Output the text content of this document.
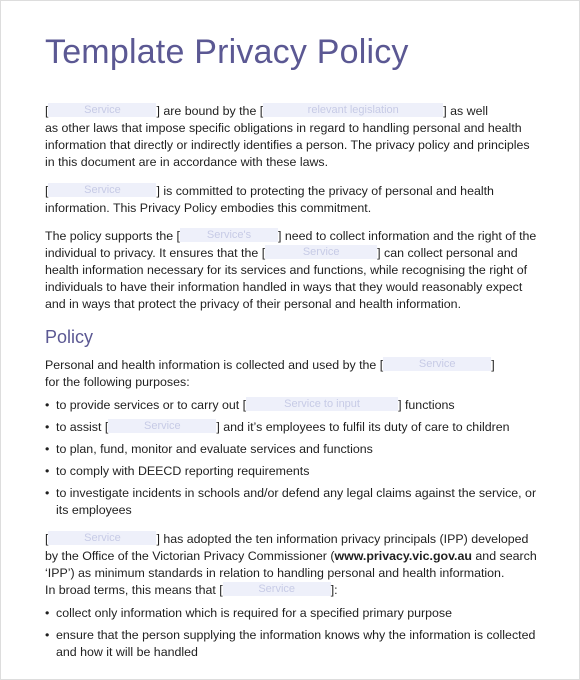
Template Privacy Policy

[	Service	] are bound by the [	relevant legislation	] as well
as other laws that impose specific obligations in regard to handling personal and health information that directly or indirectly identifies a person. The privacy policy and principles in this document are in accordance with these laws.

[	Service	] is committed to protecting the privacy of personal and health information. This Privacy Policy embodies this commitment.

The policy supports the [ Service's ] need to collect information and the right of the individual to privacy. It ensures that the [	Service	] can collect personal and health information necessary for its services and functions, while recognising the right of individuals to have their information handled in ways that they would reasonably expect and in ways that protect the privacy of their personal and health information.

Policy

Personal and health information is collected and used by the [	Service	]
for the following purposes:

• to provide services or to carry out [	Service to input	] functions
• to assist [	Service	] and it’s employees to fulfil its duty of care to children
• to plan, fund, monitor and evaluate services and functions
• to comply with DEECD reporting requirements
• to investigate incidents in schools and/or defend any legal claims against the service, or its employees

[	Service	] has adopted the ten information privacy principals (IPP) developed by the Office of the Victorian Privacy Commissioner (www.privacy.vic.gov.au and search ‘IPP’) as minimum standards in relation to handling personal and health information.
In broad terms, this means that [	Service	]:

• collect only information which is required for a specified primary purpose
• ensure that the person supplying the information knows why the information is collected and how it will be handled
